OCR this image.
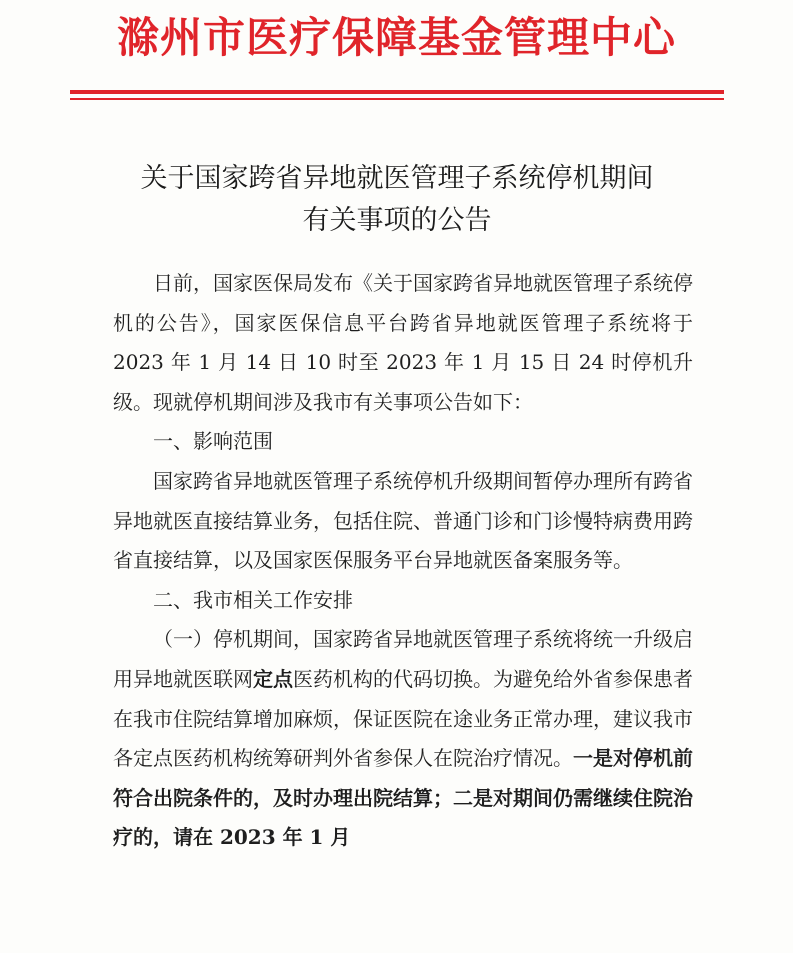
滁州市医疗保障基金管理中心
关于国家跨省异地就医管理子系统停机期间
有关事项的公告

日前，国家医保局发布《关于国家跨省异地就医管理子系统停机的公告》，国家医保信息平台跨省异地就医管理子系统将于 2023 年 1 月 14 日 10 时至 2023 年 1 月 15 日 24 时停机升级。现就停机期间涉及我市有关事项公告如下：

一、影响范围

国家跨省异地就医管理子系统停机升级期间暂停办理所有跨省异地就医直接结算业务，包括住院、普通门诊和门诊慢特病费用跨省直接结算，以及国家医保服务平台异地就医备案服务等。

二、我市相关工作安排

（一）停机期间，国家跨省异地就医管理子系统将统一升级启用异地就医联网定点医药机构的代码切换。为避免给外省参保患者在我市住院结算增加麻烦，保证医院在途业务正常办理，建议我市各定点医药机构统筹研判外省参保人在院治疗情况。一是对停机前符合出院条件的，及时办理出院结算；二是对期间仍需继续住院治疗的，请在 2023 年 1 月
